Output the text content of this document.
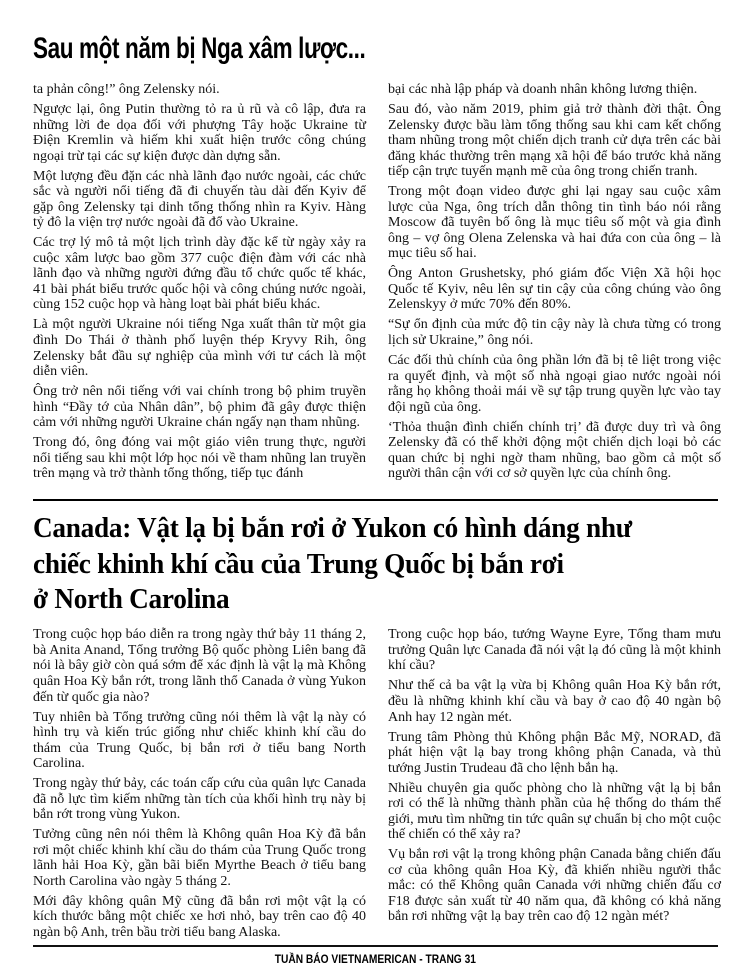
Sau một năm bị Nga xâm lược...

ta phản công!” ông Zelensky nói.

Ngược lại, ông Putin thường tỏ ra ủ rũ và cô lập, đưa ra những lời đe dọa đối với phượng Tây hoặc Ukraine từ Điện Kremlin và hiếm khi xuất hiện trước công chúng ngoại trừ tại các sự kiện được dàn dựng sẵn.

Một lượng đều đặn các nhà lãnh đạo nước ngoài, các chức sắc và người nổi tiếng đã đi chuyến tàu dài đến Kyiv để gặp ông Zelensky tại dinh tổng thống nhìn ra Kyiv. Hàng tỷ đô la viện trợ nước ngoài đã đổ vào Ukraine.

Các trợ lý mô tả một lịch trình dày đặc kể từ ngày xảy ra cuộc xâm lược bao gồm 377 cuộc điện đàm với các nhà lãnh đạo và những người đứng đầu tổ chức quốc tế khác, 41 bài phát biểu trước quốc hội và công chúng nước ngoài, cùng 152 cuộc họp và hàng loạt bài phát biểu khác.

Là một người Ukraine nói tiếng Nga xuất thân từ một gia đình Do Thái ở thành phố luyện thép Kryvy Rih, ông Zelensky bắt đầu sự nghiệp của mình với tư cách là một diễn viên.

Ông trở nên nổi tiếng với vai chính trong bộ phim truyền hình “Đầy tớ của Nhân dân”, bộ phim đã gây được thiện cảm với những người Ukraine chán ngấy nạn tham nhũng.

Trong đó, ông đóng vai một giáo viên trung thực, người nổi tiếng sau khi một lớp học nói về tham nhũng lan truyền trên mạng và trở thành tổng thống, tiếp tục đánh

bại các nhà lập pháp và doanh nhân không lương thiện.

Sau đó, vào năm 2019, phim giả trở thành đời thật. Ông Zelensky được bầu làm tổng thống sau khi cam kết chống tham nhũng trong một chiến dịch tranh cử dựa trên các bài đăng khác thường trên mạng xã hội để báo trước khả năng tiếp cận trực tuyến mạnh mẽ của ông trong chiến tranh.

Trong một đoạn video được ghi lại ngay sau cuộc xâm lược của Nga, ông trích dẫn thông tin tình báo nói rằng Moscow đã tuyên bố ông là mục tiêu số một và gia đình ông – vợ ông Olena Zelenska và hai đứa con của ông – là mục tiêu số hai.

Ông Anton Grushetsky, phó giám đốc Viện Xã hội học Quốc tế Kyiv, nêu lên sự tin cậy của công chúng vào ông Zelenskyy ở mức 70% đến 80%.

“Sự ổn định của mức độ tin cậy này là chưa từng có trong lịch sử Ukraine,” ông nói.

Các đối thủ chính của ông phần lớn đã bị tê liệt trong việc ra quyết định, và một số nhà ngoại giao nước ngoài nói rằng họ không thoải mái về sự tập trung quyền lực vào tay đội ngũ của ông.

‘Thỏa thuận đình chiến chính trị’ đã được duy trì và ông Zelensky đã có thể khởi động một chiến dịch loại bỏ các quan chức bị nghi ngờ tham nhũng, bao gồm cả một số người thân cận với cơ sở quyền lực của chính ông.

Canada: Vật lạ bị bắn rơi ở Yukon có hình dáng như
chiếc khinh khí cầu của Trung Quốc bị bắn rơi
ở North Carolina

Trong cuộc họp báo diễn ra trong ngày thứ bảy 11 tháng 2, bà Anita Anand, Tổng trưởng Bộ quốc phòng Liên bang đã nói là bây giờ còn quá sớm để xác định là vật lạ mà Không quân Hoa Kỳ bắn rớt, trong lãnh thổ Canada ở vùng Yukon đến từ quốc gia nào?

Tuy nhiên bà Tổng trưởng cũng nói thêm là vật lạ này có hình trụ và kiến trúc giống như chiếc khinh khí cầu do thám của Trung Quốc, bị bắn rơi ở tiểu bang North Carolina.

Trong ngày thứ bảy, các toán cấp cứu của quân lực Canada đã nỗ lực tìm kiếm những tàn tích của khối hình trụ này bị bắn rớt trong vùng Yukon.

Tưởng cũng nên nói thêm là Không quân Hoa Kỳ đã bắn rơi một chiếc khinh khí cầu do thám của Trung Quốc trong lãnh hải Hoa Kỳ, gần bãi biển Myrthe Beach ở tiểu bang North Carolina vào ngày 5 tháng 2.

Mới đây không quân Mỹ cũng đã bắn rơi một vật lạ có kích thước bằng một chiếc xe hơi nhỏ, bay trên cao độ 40 ngàn bộ Anh, trên bầu trời tiểu bang Alaska.

Trong cuộc họp báo, tướng Wayne Eyre, Tổng tham mưu trưởng Quân lực Canada đã nói vật lạ đó cũng là một khinh khí cầu?

Như thế cả ba vật lạ vừa bị Không quân Hoa Kỳ bắn rớt, đều là những khinh khí cầu và bay ở cao độ 40 ngàn bộ Anh hay 12 ngàn mét.

Trung tâm Phòng thủ Không phận Bắc Mỹ, NORAD, đã phát hiện vật lạ bay trong không phận Canada, và thủ tướng Justin Trudeau đã cho lệnh bắn hạ.

Nhiều chuyên gia quốc phòng cho là những vật lạ bị bắn rơi có thể là những thành phần của hệ thống do thám thế giới, mưu tìm những tin tức quân sự chuẩn bị cho một cuộc thế chiến có thể xảy ra?

Vụ bắn rơi vật lạ trong không phận Canada bằng chiến đấu cơ của không quân Hoa Kỳ, đã khiến nhiều người thắc mắc: có thể Không quân Canada với những chiến đấu cơ F18 được sản xuất từ 40 năm qua, đã không có khả năng bắn rơi những vật lạ bay trên cao độ 12 ngàn mét?

TUẦN BÁO VIETNAMERICAN - TRANG 31
